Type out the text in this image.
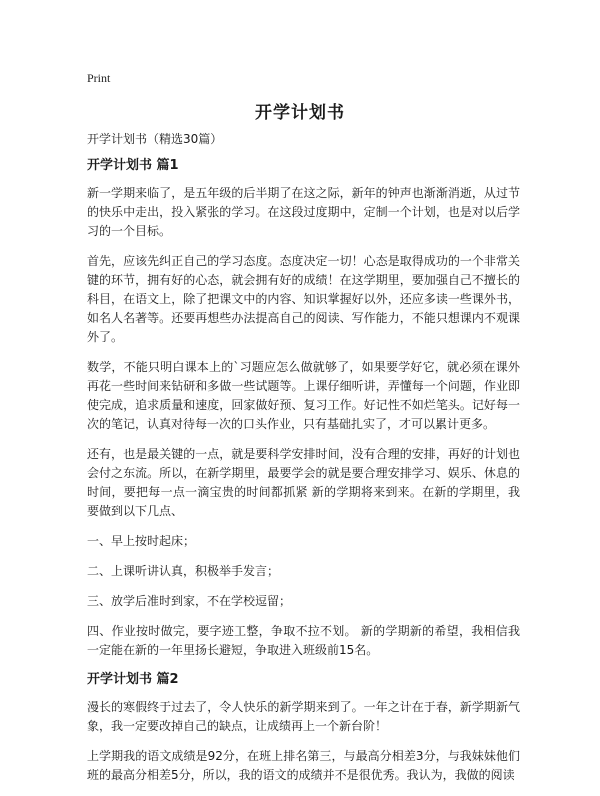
Print
开学计划书

开学计划书（精选30篇）

开学计划书 篇1

新一学期来临了，是五年级的后半期了在这之际，新年的钟声也渐渐消逝，从过节的快乐中走出，投入紧张的学习。在这段过度期中，定制一个计划，也是对以后学习的一个目标。

首先，应该先纠正自己的学习态度。态度决定一切！心态是取得成功的一个非常关键的环节，拥有好的心态，就会拥有好的成绩！在这学期里，要加强自己不擅长的科目，在语文上，除了把课文中的内容、知识掌握好以外，还应多读一些课外书，如名人名著等。还要再想些办法提高自己的阅读、写作能力，不能只想课内不观课外了。

数学，不能只明白课本上的`习题应怎么做就够了，如果要学好它，就必须在课外再花一些时间来钻研和多做一些试题等。上课仔细听讲，弄懂每一个问题，作业即使完成，追求质量和速度，回家做好预、复习工作。好记性不如烂笔头。记好每一次的笔记，认真对待每一次的口头作业，只有基础扎实了，才可以累计更多。

还有，也是最关键的一点，就是要科学安排时间，没有合理的安排，再好的计划也会付之东流。所以，在新学期里，最要学会的就是要合理安排学习、娱乐、休息的时间，要把每一点一滴宝贵的时间都抓紧 新的学期将来到来。在新的学期里，我要做到以下几点、

一、早上按时起床；

二、上课听讲认真，积极举手发言；

三、放学后准时到家，不在学校逗留；

四、作业按时做完，要字迹工整，争取不拉不划。 新的学期新的希望，我相信我一定能在新的一年里扬长避短，争取进入班级前15名。

开学计划书 篇2

漫长的寒假终于过去了，令人快乐的新学期来到了。一年之计在于春，新学期新气象，我一定要改掉自己的缺点，让成绩再上一个新台阶！

上学期我的语文成绩是92分，在班上排名第三，与最高分相差3分，与我妹妹他们班的最高分相差5分，所以，我的语文的成绩并不是很优秀。我认为，我做的阅读
